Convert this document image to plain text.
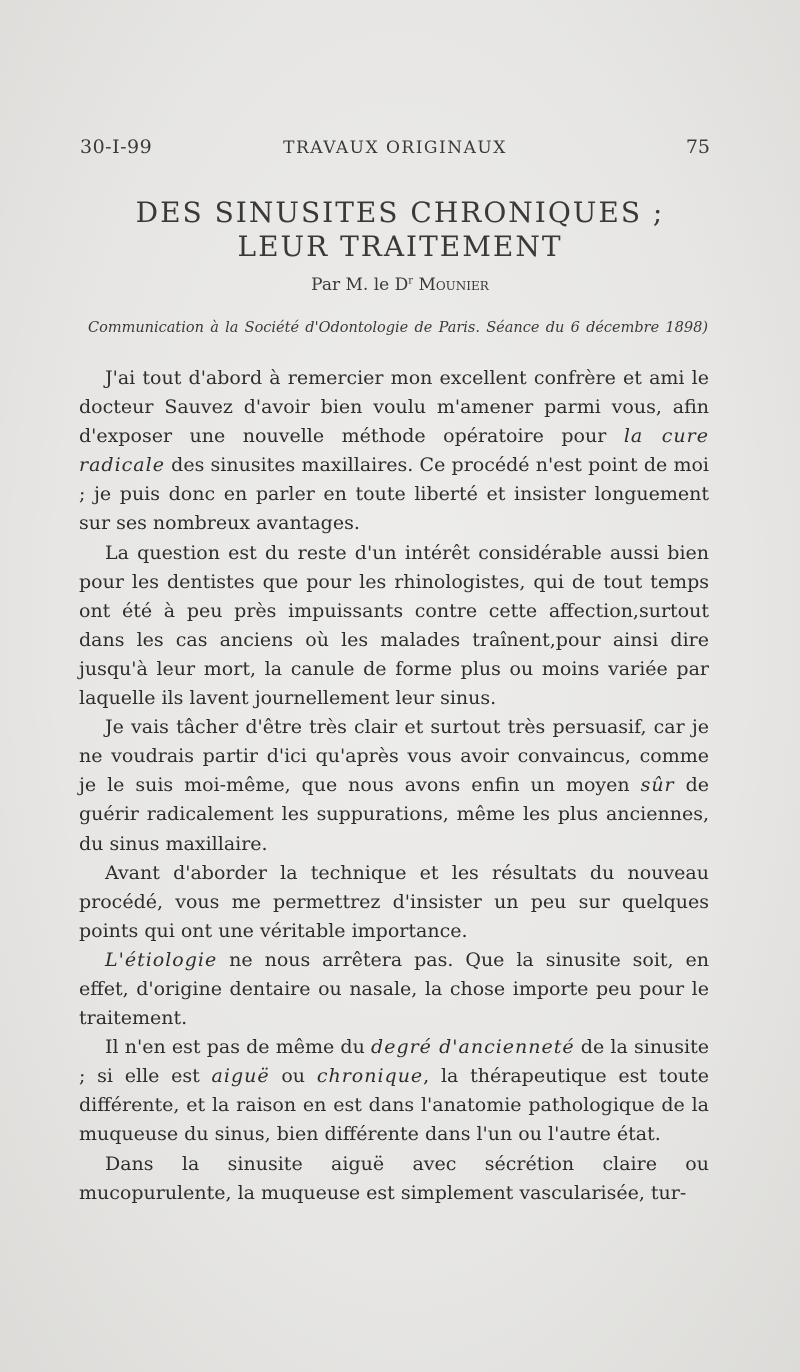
30-I-99	TRAVAUX ORIGINAUX	75
DES SINUSITES CHRONIQUES ;
LEUR TRAITEMENT
Par M. le $D^r$ Mounier
Communication à la Société d'Odontologie de Paris. Séance du 6 décembre 1898)

J'ai tout d'abord à remercier mon excellent confrère et ami le docteur Sauvez d'avoir bien voulu m'amener parmi vous, afin d'exposer une nouvelle méthode opératoire pour la cure radicale des sinusites maxillaires. Ce procédé n'est point de moi ; je puis donc en parler en toute liberté et insister longuement sur ses nombreux avantages.

La question est du reste d'un intérêt considérable aussi bien pour les dentistes que pour les rhinologistes, qui de tout temps ont été à peu près impuissants contre cette affection,surtout dans les cas anciens où les malades traînent,pour ainsi dire jusqu'à leur mort, la canule de forme plus ou moins variée par laquelle ils lavent journellement leur sinus.

Je vais tâcher d'être très clair et surtout très persuasif, car je ne voudrais partir d'ici qu'après vous avoir convaincus, comme je le suis moi-même, que nous avons enfin un moyen sûr de guérir radicalement les suppurations, même les plus anciennes, du sinus maxillaire.

Avant d'aborder la technique et les résultats du nouveau procédé, vous me permettrez d'insister un peu sur quelques points qui ont une véritable importance.

L'étiologie ne nous arrêtera pas. Que la sinusite soit, en effet, d'origine dentaire ou nasale, la chose importe peu pour le traitement.

Il n'en est pas de même du degré d'ancienneté de la sinusite ; si elle est aiguë ou chronique, la thérapeutique est toute différente, et la raison en est dans l'anatomie pathologique de la muqueuse du sinus, bien différente dans l'un ou l'autre état.

Dans la sinusite aiguë avec sécrétion claire ou mucopurulente, la muqueuse est simplement vascularisée, tur-
